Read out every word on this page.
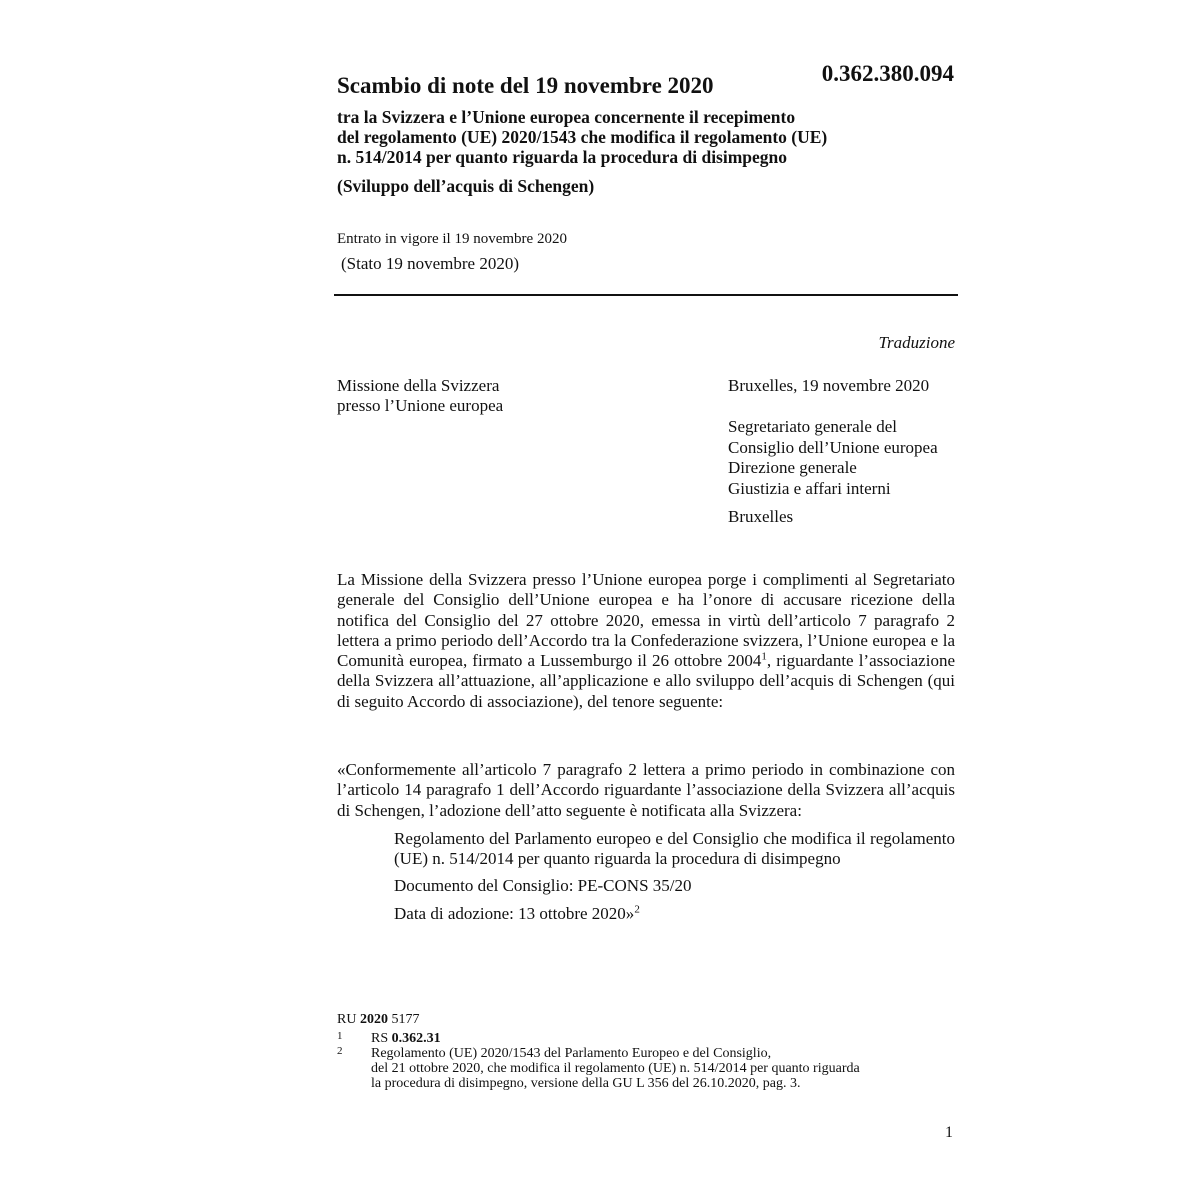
Scambio di note del 19 novembre 2020	0.362.380.094
tra la Svizzera e l’Unione europea concernente il recepimento
del regolamento (UE) 2020/1543 che modifica il regolamento (UE)
n. 514/2014 per quanto riguarda la procedura di disimpegno
(Sviluppo dell’acquis di Schengen)
Entrato in vigore il 19 novembre 2020
(Stato 19 novembre 2020)
Traduzione
Missione della Svizzera
presso l’Unione europea
Bruxelles, 19 novembre 2020
Segretariato generale del
Consiglio dell’Unione europea
Direzione generale
Giustizia e affari interni
Bruxelles

La Missione della Svizzera presso l’Unione europea porge i complimenti al Segretariato generale del Consiglio dell’Unione europea e ha l’onore di accusare ricezione della notifica del Consiglio del 27 ottobre 2020, emessa in virtù dell’articolo 7 paragrafo 2 lettera a primo periodo dell’Accordo tra la Confederazione svizzera, l’Unione europea e la Comunità europea, firmato a Lussemburgo il 26 ottobre 2004$^1$, riguardante l’associazione della Svizzera all’attuazione, all’applicazione e allo sviluppo dell’acquis di Schengen (qui di seguito Accordo di associazione), del tenore seguente:

«Conformemente all’articolo 7 paragrafo 2 lettera a primo periodo in combinazione con l’articolo 14 paragrafo 1 dell’Accordo riguardante l’associazione della Svizzera all’acquis di Schengen, l’adozione dell’atto seguente è notificata alla Svizzera:

Regolamento del Parlamento europeo e del Consiglio che modifica il regolamento (UE) n. 514/2014 per quanto riguarda la procedura di disimpegno

Documento del Consiglio: PE-CONS 35/20

Data di adozione: 13 ottobre 2020»$^2$

RU 2020 5177
1 RS 0.362.31
2 Regolamento (UE) 2020/1543 del Parlamento Europeo e del Consiglio,
del 21 ottobre 2020, che modifica il regolamento (UE) n. 514/2014 per quanto riguarda
la procedura di disimpegno, versione della GU L 356 del 26.10.2020, pag. 3.
1
